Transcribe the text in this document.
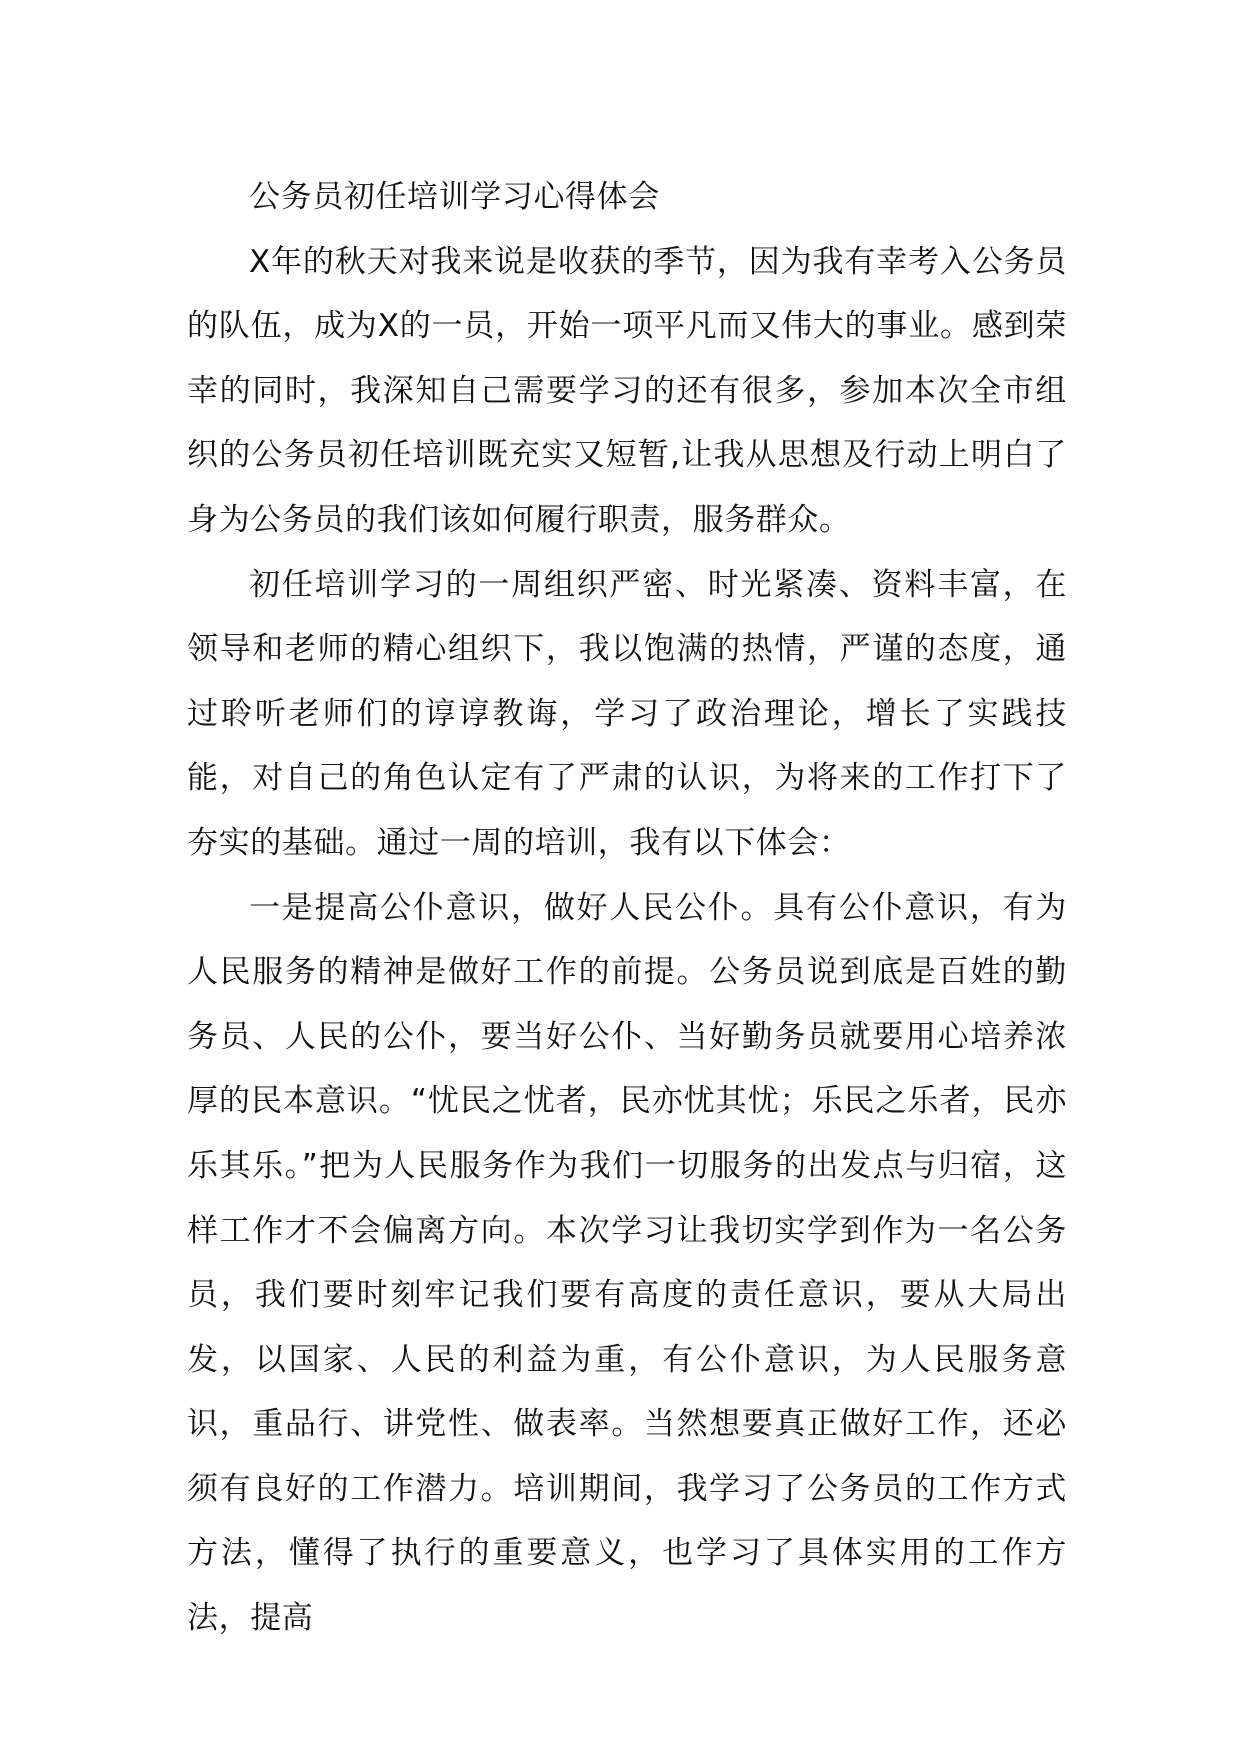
公务员初任培训学习心得体会

X年的秋天对我来说是收获的季节，因为我有幸考入公务员的队伍，成为X的一员，开始一项平凡而又伟大的事业。感到荣幸的同时，我深知自己需要学习的还有很多，参加本次全市组织的公务员初任培训既充实又短暂,让我从思想及行动上明白了身为公务员的我们该如何履行职责，服务群众。

初任培训学习的一周组织严密、时光紧凑、资料丰富，在领导和老师的精心组织下，我以饱满的热情，严谨的态度，通过聆听老师们的谆谆教诲，学习了政治理论，增长了实践技能，对自己的角色认定有了严肃的认识，为将来的工作打下了夯实的基础。通过一周的培训，我有以下体会：

一是提高公仆意识，做好人民公仆。具有公仆意识，有为人民服务的精神是做好工作的前提。公务员说到底是百姓的勤务员、人民的公仆，要当好公仆、当好勤务员就要用心培养浓厚的民本意识。“忧民之忧者，民亦忧其忧；乐民之乐者，民亦乐其乐。”把为人民服务作为我们一切服务的出发点与归宿，这样工作才不会偏离方向。本次学习让我切实学到作为一名公务员，我们要时刻牢记我们要有高度的责任意识，要从大局出发，以国家、人民的利益为重，有公仆意识，为人民服务意识，重品行、讲党性、做表率。当然想要真正做好工作，还必须有良好的工作潜力。培训期间，我学习了公务员的工作方式方法，懂得了执行的重要意义，也学习了具体实用的工作方法，提高
